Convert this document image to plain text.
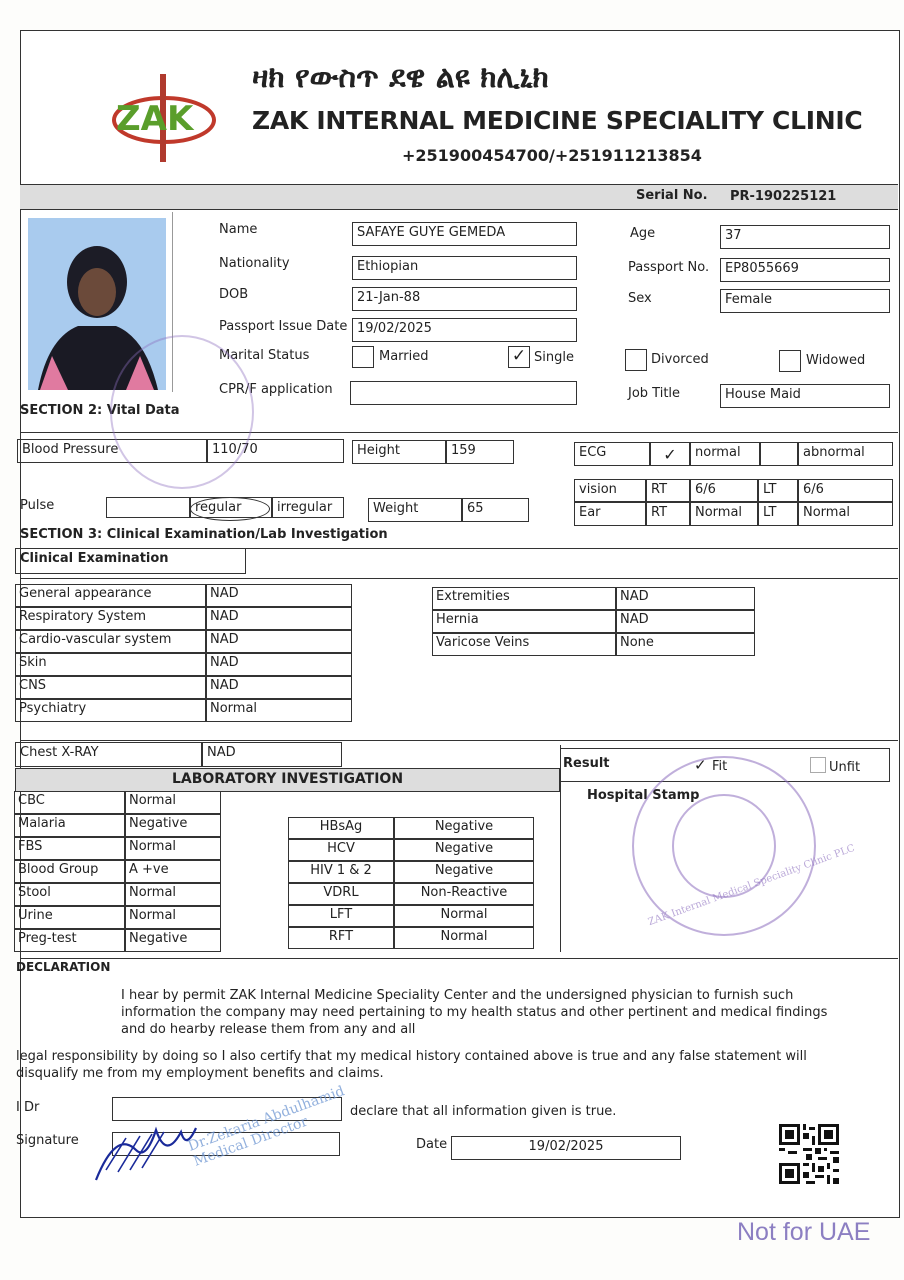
ZAK
ዛክ የውስጥ ደዌ ልዩ ክሊኒክ
ZAK INTERNAL MEDICINE SPECIALITY CLINIC
+251900454700/+251911213854
Serial No. PR-190225121
Name	SAFAYE GUYE GEMEDA
Nationality	Ethiopian
DOB	21-Jan-88
Passport Issue Date 19/02/2025
Marital Status	Married	✓ Single	Divorced	Widowed
CPR/F application
Age	37
Passport No.	EP8055669
Sex	Female
Job Title	House Maid
SECTION 2: Vital Data
Blood Pressure	110/70	Height	159	ECG	✓	normal	abnormal
vision	RT	6/6	LT	6/6
Ear	RT	Normal	LT	Normal
Pulse	regular	irregular	Weight	65
SECTION 3: Clinical Examination/Lab Investigation
Clinical Examination
General appearance	NAD
Respiratory System	NAD
Cardio-vascular system	NAD
Skin	NAD
CNS	NAD
Psychiatry	Normal
Extremities	NAD
Hernia	NAD
Varicose Veins	None
Chest X-RAY	NAD
LABORATORY INVESTIGATION
CBC	Normal
Malaria	Negative
FBS	Normal
Blood Group	A +ve
Stool	Normal
Urine	Normal
Preg-test	Negative
HBsAg	Negative
HCV	Negative
HIV 1 & 2	Negative
VDRL	Non-Reactive
LFT	Normal
RFT	Normal
Result	✓ Fit	Unfit
Hospital Stamp
ZAK Internal Medical Speciality Clinic PLC
DECLARATION
I hear by permit ZAK Internal Medicine Speciality Center and the undersigned physician to furnish such information the company may need pertaining to my health status and other pertinent and medical findings and do hearby release them from any and all
legal responsibility by doing so I also certify that my medical history contained above is true and any false statement will disqualify me from my employment benefits and claims.
I Dr	declare that all information given is true.
Signature	Dr.Zekaria Abdulhamid Medical Director	Date	19/02/2025
Not for UAE
